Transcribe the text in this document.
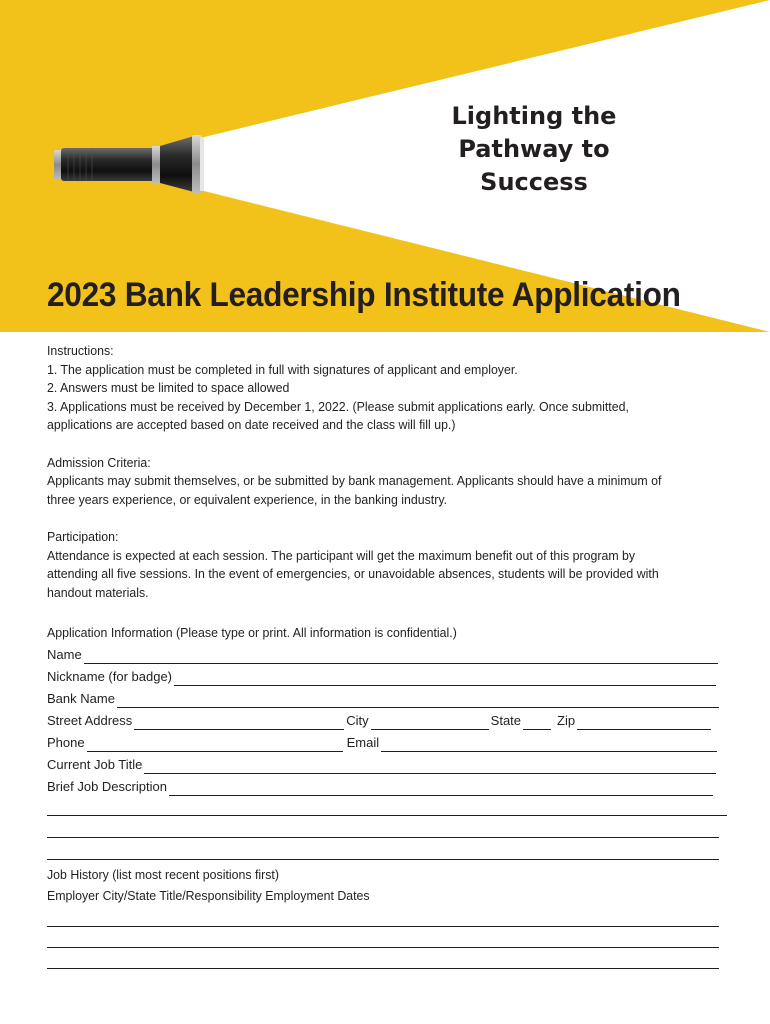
Lighting the
Pathway to
Success
2023 Bank Leadership Institute Application
Instructions:
1. The application must be completed in full with signatures of applicant and employer.
2. Answers must be limited to space allowed
3. Applications must be received by December 1, 2022. (Please submit applications early. Once submitted,
applications are accepted based on date received and the class will fill up.)
Admission Criteria:
Applicants may submit themselves, or be submitted by bank management. Applicants should have a minimum of
three years experience, or equivalent experience, in the banking industry.
Participation:
Attendance is expected at each session. The participant will get the maximum benefit out of this program by
attending all five sessions. In the event of emergencies, or unavoidable absences, students will be provided with
handout materials.
Application Information (Please type or print. All information is confidential.)
Name
Nickname (for badge)
Bank Name
Street Address	City	State	Zip
Phone	Email
Current Job Title
Brief Job Description
Job History (list most recent positions first)
Employer City/State Title/Responsibility Employment Dates
